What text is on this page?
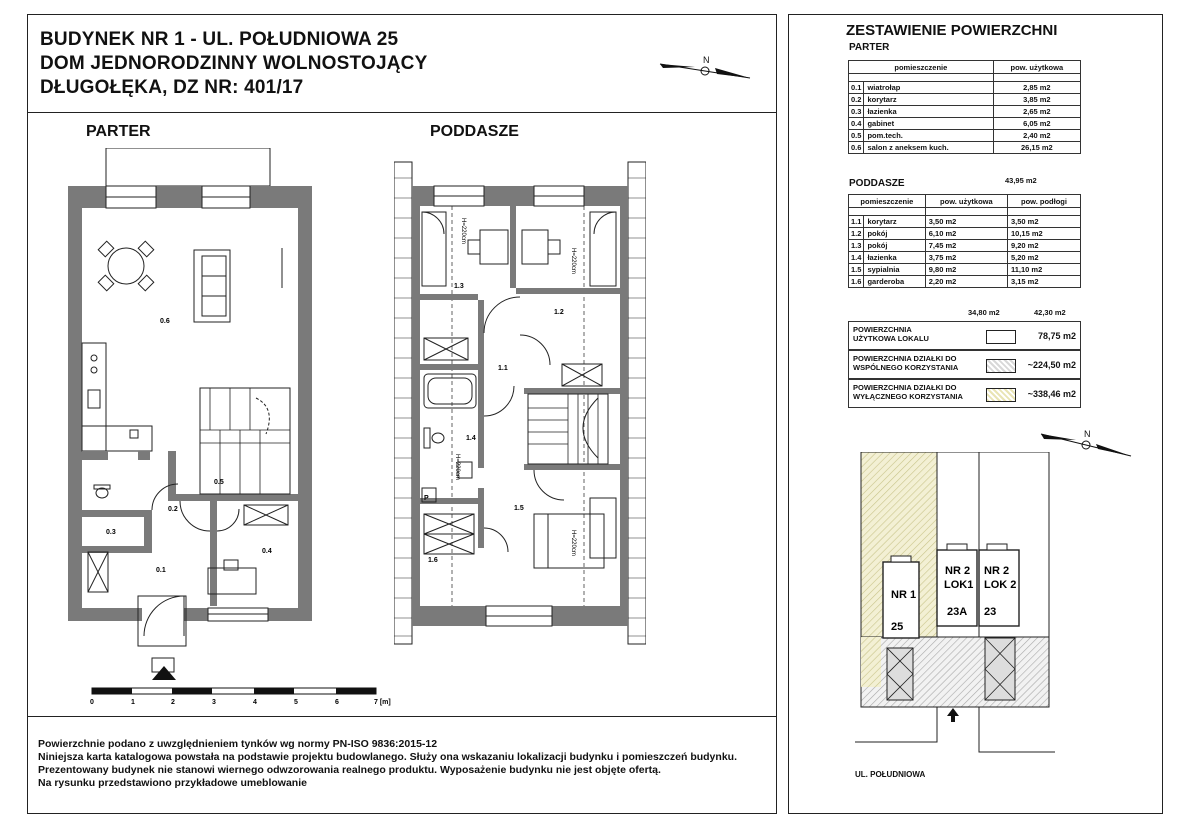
BUDYNEK NR 1 - UL. POŁUDNIOWA 25
DOM JEDNORODZINNY WOLNOSTOJĄCY
DŁUGOŁĘKA, DZ NR: 401/17
N
PARTER	PODDASZE
0.6
0.5
0.2
0.3
0.1
0.4
1.3
1.2
1.1
1.4
1.5
1.6
P
H=220cm
H=220cm
H=220cm
H=220cm
0	1	2	3	4	5	6	7 [m]
Powierzchnie podano z uwzględnieniem tynków wg normy PN-ISO 9836:2015-12
Niniejsza karta katalogowa powstała na podstawie projektu budowlanego. Służy ona wskazaniu lokalizacji budynku i pomieszczeń budynku.
Prezentowany budynek nie stanowi wiernego odwzorowania realnego produktu. Wyposażenie budynku nie jest objęte ofertą.
Na rysunku przedstawiono przykładowe umeblowanie
ZESTAWIENIE POWIERZCHNI
PARTER
pomieszczenie		pow. użytkowa

0.1	wiatrołap	2,85 m2
0.2	korytarz	3,85 m2
0.3	łazienka	2,65 m2
0.4	gabinet	6,05 m2
0.5	pom.tech.	2,40 m2
0.6	salon z aneksem kuch.	26,15 m2
43,95 m2
PODDASZE
pomieszczenie		pow. użytkowa	pow. podłogi

1.1	korytarz	3,50 m2	3,50 m2
1.2	pokój	6,10 m2	10,15 m2
1.3	pokój	7,45 m2	9,20 m2
1.4	łazienka	3,75 m2	5,20 m2
1.5	sypialnia	9,80 m2	11,10 m2
1.6	garderoba	2,20 m2	3,15 m2
34,80 m2	42,30 m2
POWIERZCHNIA
UŻYTKOWA LOKALU	78,75 m2
POWIERZCHNIA DZIAŁKI DO
WSPÓLNEGO KORZYSTANIA	~224,50 m2
POWIERZCHNIA DZIAŁKI DO
WYŁĄCZNEGO KORZYSTANIA	~338,46 m2
N
NR 1
25
NR 2
LOK1
23A
NR 2
LOK 2
23
UL. POŁUDNIOWA
